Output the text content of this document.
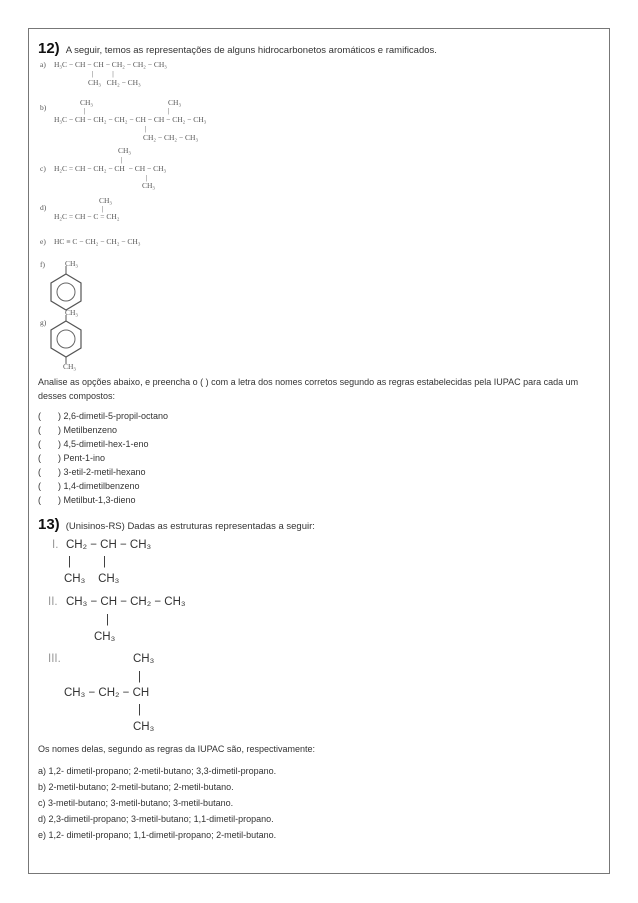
12) A seguir, temos as representações de alguns hidrocarbonetos aromáticos e ramificados.
a) H₃C − CH − CH − CH₂ − CH₂ − CH₃
|          |
CH₃   CH₂ − CH₃
CH₃                                        CH₃
|                                            |
b)
H₃C − CH − CH₂ − CH₂ − CH − CH − CH₂ − CH₃
|
CH₂ − CH₂ − CH₃
CH₃
|
c) H₂C = CH − CH₂ − CH  − CH − CH₃
|
CH₃
CH₃
d)	|
H₂C = CH − C = CH₂
e) HC ≡ C − CH₂ − CH₂ − CH₃
f)	CH₃
g)
CH₃
CH₃
Analise as opções abaixo, e preencha o ( ) com a letra dos nomes corretos segundo as regras estabelecidas pela IUPAC para cada um desses compostos:
( ) 2,6-dimetil-5-propil-octano
( ) Metilbenzeno
( ) 4,5-dimetil-hex-1-eno
( ) Pent-1-ino
( ) 3-etil-2-metil-hexano
( ) 1,4-dimetilbenzeno
( ) Metilbut-1,3-dieno
13) (Unisinos-RS) Dadas as estruturas representadas a seguir:
I. CH₂ − CH − CH₃
|          |
CH₃    CH₃
II. CH₃ − CH − CH₂ − CH₃
|
CH₃
III.	CH₃
|
CH₃ − CH₂ − CH
|
CH₃
Os nomes delas, segundo as regras da IUPAC são, respectivamente:
a) 1,2- dimetil-propano; 2-metil-butano; 3,3-dimetil-propano.
b) 2-metil-butano; 2-metil-butano; 2-metil-butano.
c) 3-metil-butano; 3-metil-butano; 3-metil-butano.
d) 2,3-dimetil-propano; 3-metil-butano; 1,1-dimetil-propano.
e) 1,2- dimetil-propano; 1,1-dimetil-propano; 2-metil-butano.
